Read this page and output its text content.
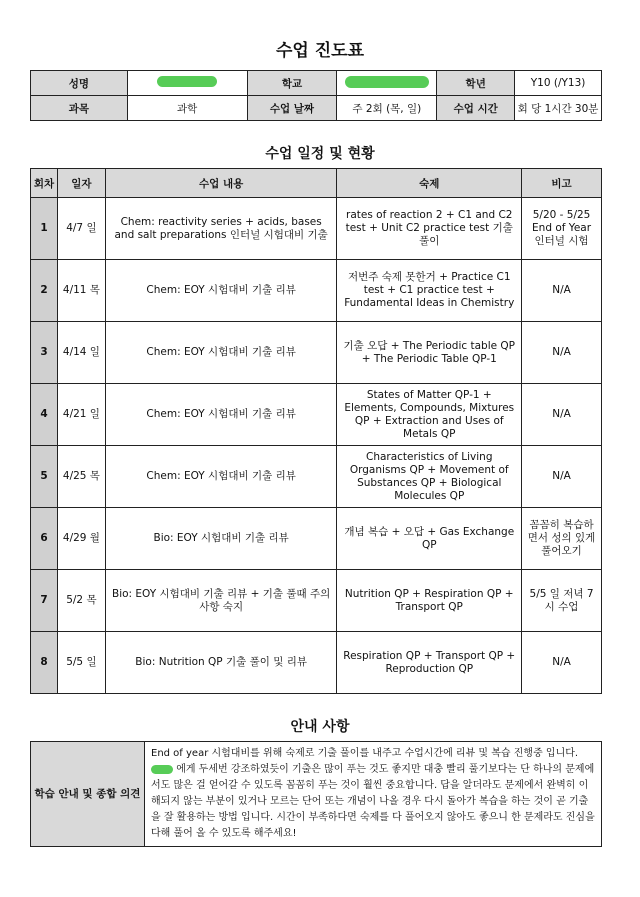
수업 진도표
성명		학교		학년	Y10 (/Y13)
과목	과학	수업 날짜	주 2회 (목, 일)	수업 시간	회 당 1시간 30분
수업 일정 및 현황
회차	일자	수업 내용	숙제	비고
1	4/7 일	Chem: reactivity series + acids, bases and salt preparations 인터널 시험대비 기출	rates of reaction 2 + C1 and C2 test + Unit C2 practice test 기출 풀이	5/20 - 5/25 End of Year 인터널 시험
2	4/11 목	Chem: EOY 시험대비 기출 리뷰	저번주 숙제 못한거 + Practice C1 test + C1 practice test + Fundamental Ideas in Chemistry	N/A
3	4/14 일	Chem: EOY 시험대비 기출 리뷰	기출 오답 + The Periodic table QP + The Periodic Table QP-1	N/A
4	4/21 일	Chem: EOY 시험대비 기출 리뷰	States of Matter QP-1 + Elements, Compounds, Mixtures QP + Extraction and Uses of Metals QP	N/A
5	4/25 목	Chem: EOY 시험대비 기출 리뷰	Characteristics of Living Organisms QP + Movement of Substances QP + Biological Molecules QP	N/A
6	4/29 월	Bio: EOY 시험대비 기출 리뷰	개념 복습 + 오답 + Gas Exchange QP	꼼꼼히 복습하면서 성의 있게 풀어오기
7	5/2 목	Bio: EOY 시험대비 기출 리뷰 + 기출 풀때 주의사항 숙지	Nutrition QP + Respiration QP + Transport QP	5/5 일 저녁 7시 수업
8	5/5 일	Bio: Nutrition QP 기출 풀이 및 리뷰	Respiration QP + Transport QP + Reproduction QP	N/A
안내 사항
학습 안내 및 종합 의견	End of year 시험대비를 위해 숙제로 기출 풀이를 내주고 수업시간에 리뷰 및 복습 진행중 입니다.  에게 두세번 강조하였듯이 기출은 많이 푸는 것도 좋지만 대충 빨리 풀기보다는 단 하나의 문제에서도 많은 걸 얻어갈 수 있도록 꼼꼼히 푸는 것이 훨씬 중요합니다. 답을 알더라도 문제에서 완벽히 이해되지 않는 부분이 있거나 모르는 단어 또는 개념이 나올 경우 다시 돌아가 복습을 하는 것이 곧 기출을 잘 활용하는 방법 입니다. 시간이 부족하다면 숙제를 다 풀어오지 않아도 좋으니 한 문제라도 진심을 다해 풀어 올 수 있도록 해주세요!
